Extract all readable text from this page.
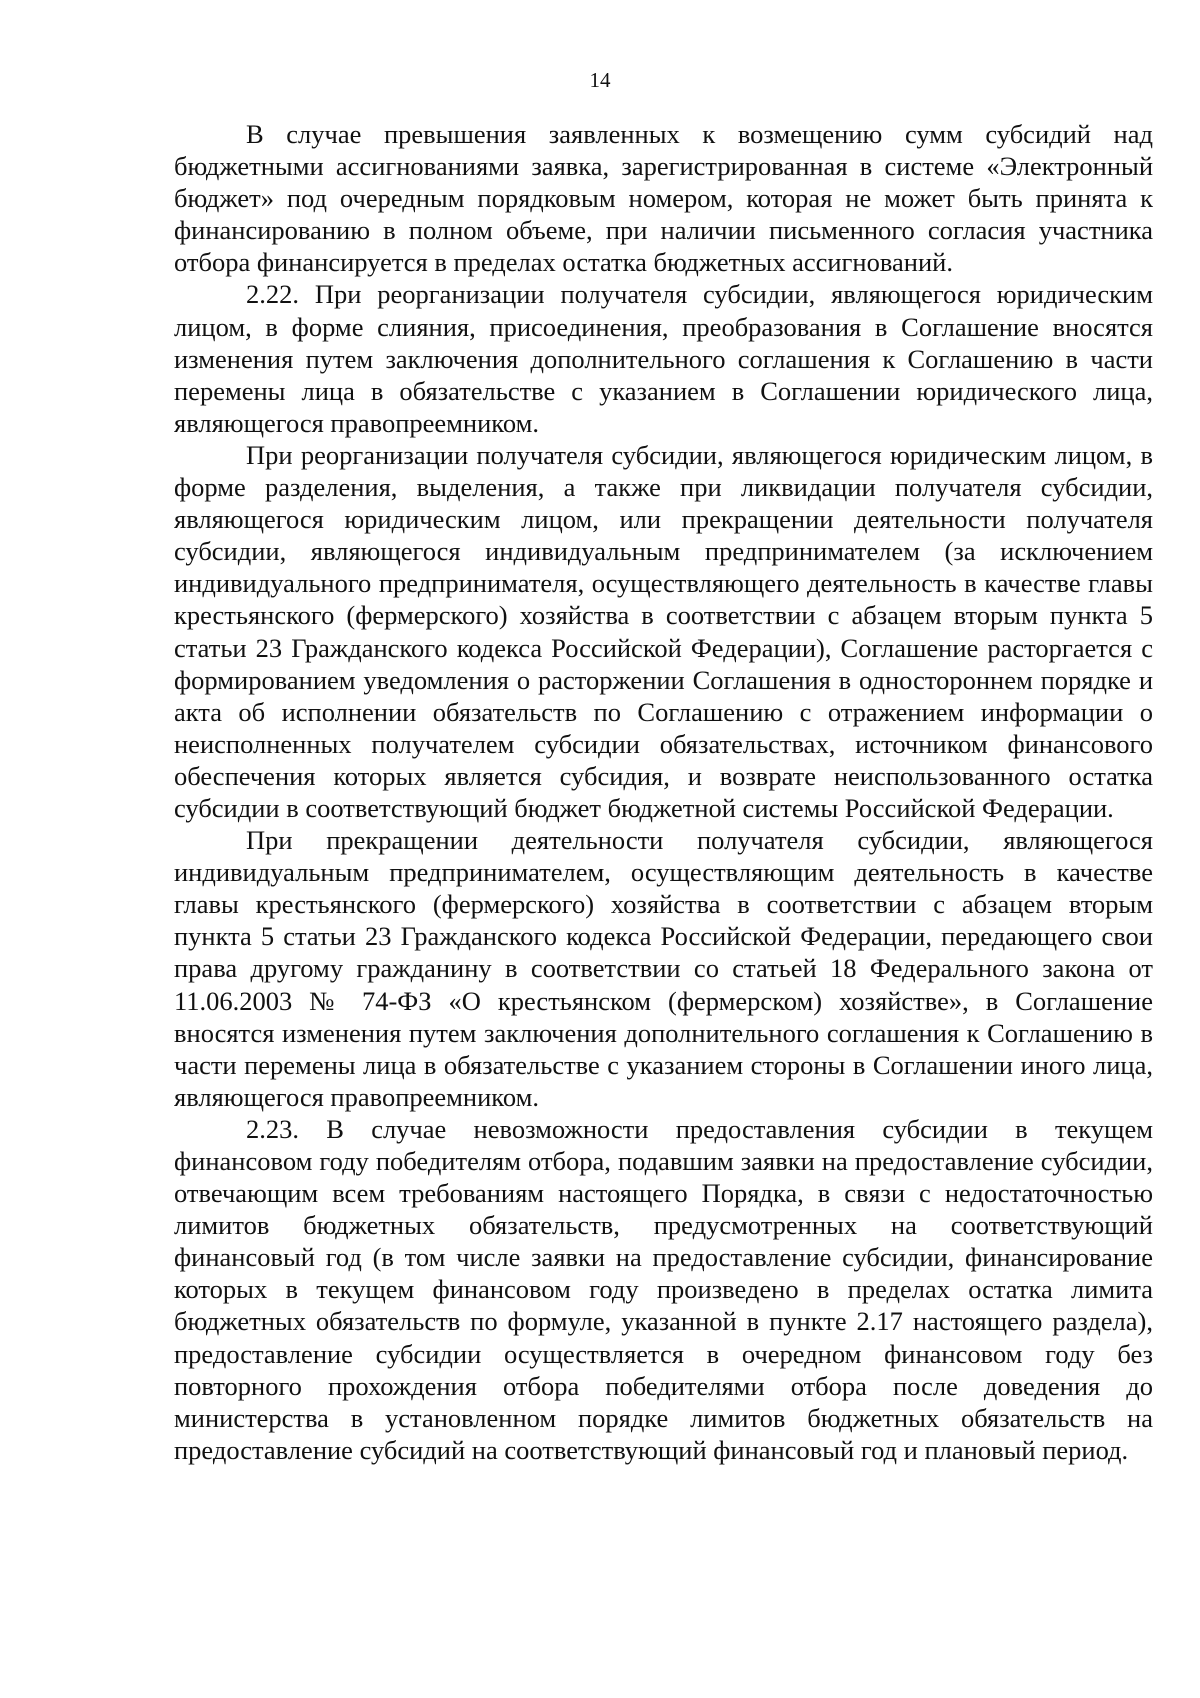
14

В случае превышения заявленных к возмещению сумм субсидий над бюджетными ассигнованиями заявка, зарегистрированная в системе «Электронный бюджет» под очередным порядковым номером, которая не может быть принята к финансированию в полном объеме, при наличии письменного согласия участника отбора финансируется в пределах остатка бюджетных ассигнований.

2.22. При реорганизации получателя субсидии, являющегося юридическим лицом, в форме слияния, присоединения, преобразования в Соглашение вносятся изменения путем заключения дополнительного соглашения к Соглашению в части перемены лица в обязательстве с указанием в Соглашении юридического лица, являющегося правопреемником.

При реорганизации получателя субсидии, являющегося юридическим лицом, в форме разделения, выделения, а также при ликвидации получателя субсидии, являющегося юридическим лицом, или прекращении деятельности получателя субсидии, являющегося индивидуальным предпринимателем (за исключением индивидуального предпринимателя, осуществляющего деятельность в качестве главы крестьянского (фермерского) хозяйства в соответствии с абзацем вторым пункта 5 статьи 23 Гражданского кодекса Российской Федерации), Соглашение расторгается с формированием уведомления о расторжении Соглашения в одностороннем порядке и акта об исполнении обязательств по Соглашению с отражением информации о неисполненных получателем субсидии обязательствах, источником финансового обеспечения которых является субсидия, и возврате неиспользованного остатка субсидии в соответствующий бюджет бюджетной системы Российской Федерации.

При прекращении деятельности получателя субсидии, являющегося индивидуальным предпринимателем, осуществляющим деятельность в качестве главы крестьянского (фермерского) хозяйства в соответствии с абзацем вторым пункта 5 статьи 23 Гражданского кодекса Российской Федерации, передающего свои права другому гражданину в соответствии со статьей 18 Федерального закона от 11.06.2003 № 74-ФЗ «О крестьянском (фермерском) хозяйстве», в Соглашение вносятся изменения путем заключения дополнительного соглашения к Соглашению в части перемены лица в обязательстве с указанием стороны в Соглашении иного лица, являющегося правопреемником.

2.23. В случае невозможности предоставления субсидии в текущем финансовом году победителям отбора, подавшим заявки на предоставление субсидии, отвечающим всем требованиям настоящего Порядка, в связи с недостаточностью лимитов бюджетных обязательств, предусмотренных на соответствующий финансовый год (в том числе заявки на предоставление субсидии, финансирование которых в текущем финансовом году произведено в пределах остатка лимита бюджетных обязательств по формуле, указанной в пункте 2.17 настоящего раздела), предоставление субсидии осуществляется в очередном финансовом году без повторного прохождения отбора победителями отбора после доведения до министерства в установленном порядке лимитов бюджетных обязательств на предоставление субсидий на соответствующий финансовый год и плановый период.
